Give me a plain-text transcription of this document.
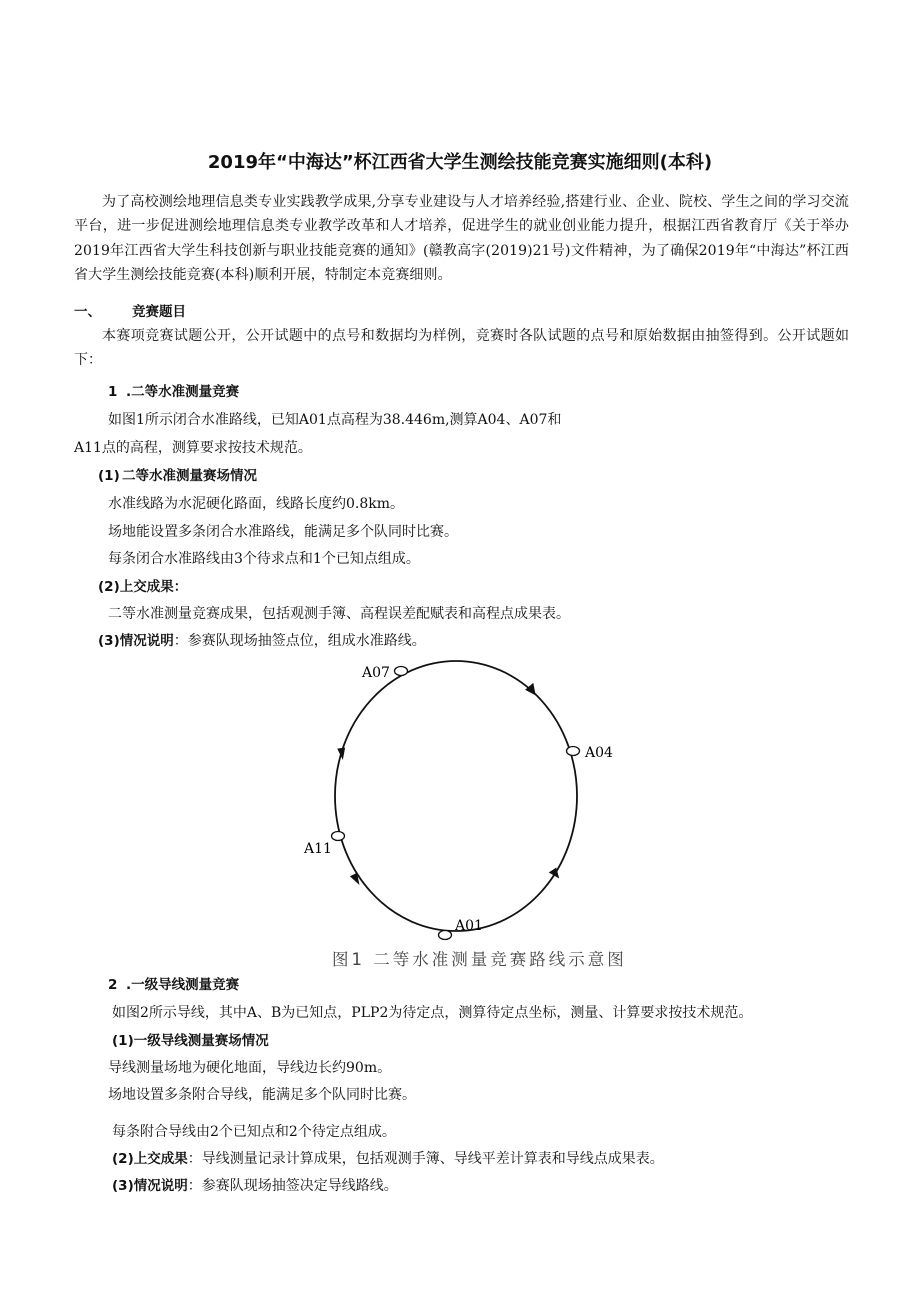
2019年“中海达”杯江西省大学生测绘技能竞赛实施细则(本科)
为了高校测绘地理信息类专业实践教学成果,分享专业建设与人才培养经验,搭建行业、企业、院校、学生之间的学习交流平台，进一步促进测绘地理信息类专业教学改革和人才培养，促进学生的就业创业能力提升，根据江西省教育厅《关于举办2019年江西省大学生科技创新与职业技能竞赛的通知》(赣教高字(2019)21号)文件精神，为了确保2019年“中海达”杯江西省大学生测绘技能竞赛(本科)顺利开展，特制定本竞赛细则。
一、 竞赛题目
本赛项竞赛试题公开，公开试题中的点号和数据均为样例，竞赛时各队试题的点号和原始数据由抽签得到。公开试题如下：
1 .二等水准测量竞赛
如图1所示闭合水准路线，已知A01点高程为38.446m,测算A04、A07和
A11点的高程，测算要求按技术规范。
(1) 二等水准测量赛场情况
水准线路为水泥硬化路面，线路长度约0.8km。
场地能设置多条闭合水准路线，能满足多个队同时比赛。
每条闭合水准路线由3个待求点和1个已知点组成。
(2)上交成果：
二等水准测量竞赛成果，包括观测手簿、高程误差配赋表和高程点成果表。
(3)情况说明：参赛队现场抽签点位，组成水准路线。
A07
A04
A11
A01
图1 二等水准测量竞赛路线示意图
2 .一级导线测量竞赛
如图2所示导线，其中A、B为已知点，PLP2为待定点，测算待定点坐标，测量、计算要求按技术规范。
(1)一级导线测量赛场情况
导线测量场地为硬化地面，导线边长约90m。
场地设置多条附合导线，能满足多个队同时比赛。
每条附合导线由2个已知点和2个待定点组成。
(2)上交成果：导线测量记录计算成果，包括观测手簿、导线平差计算表和导线点成果表。
(3)情况说明：参赛队现场抽签决定导线路线。
